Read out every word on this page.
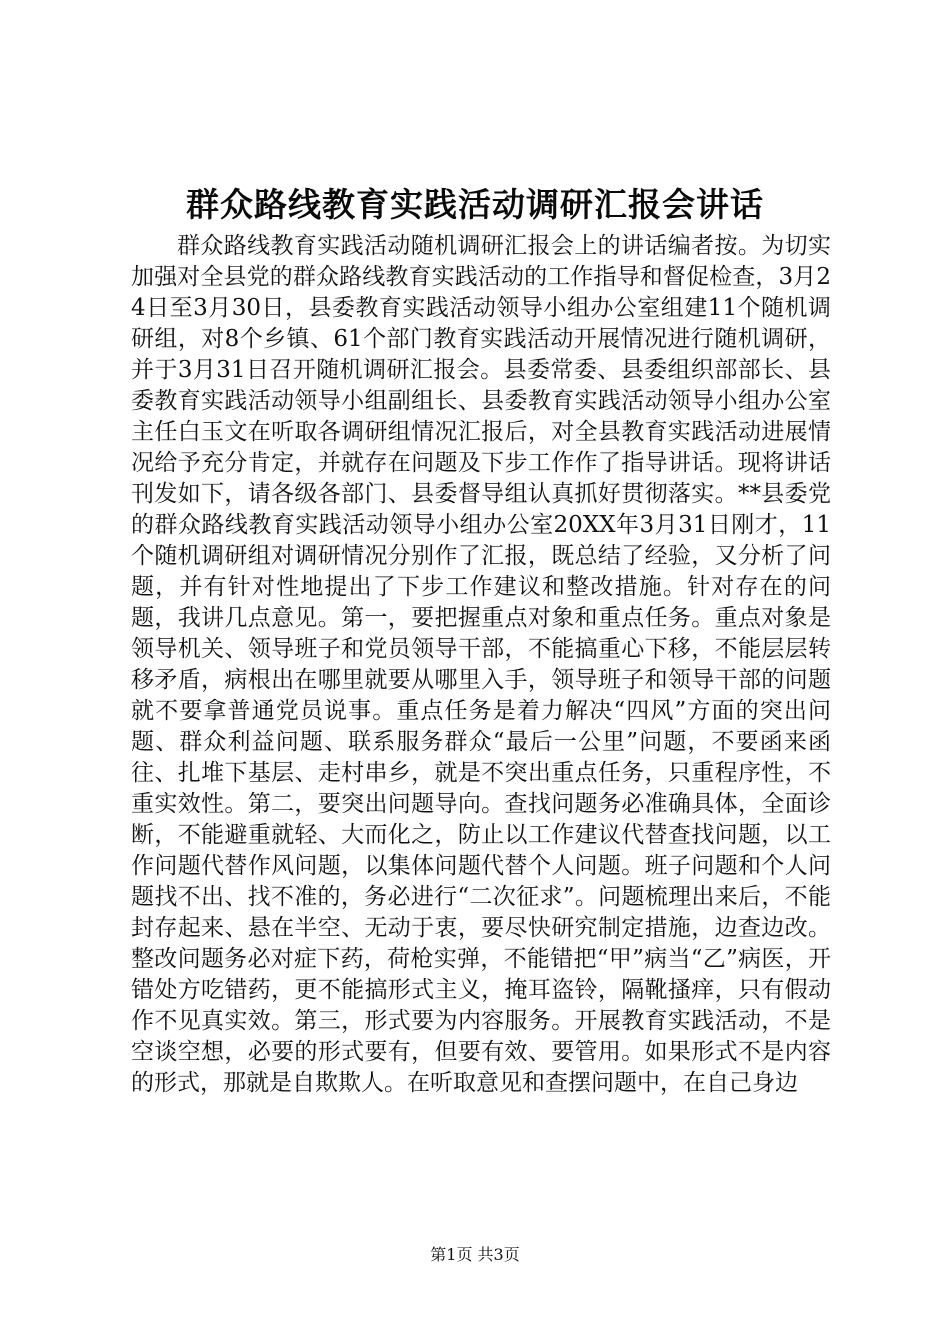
群众路线教育实践活动调研汇报会讲话

群众路线教育实践活动随机调研汇报会上的讲话编者按。为切实加强对全县党的群众路线教育实践活动的工作指导和督促检查，3月24日至3月30日，县委教育实践活动领导小组办公室组建11个随机调研组，对8个乡镇、61个部门教育实践活动开展情况进行随机调研，并于3月31日召开随机调研汇报会。县委常委、县委组织部部长、县委教育实践活动领导小组副组长、县委教育实践活动领导小组办公室主任白玉文在听取各调研组情况汇报后，对全县教育实践活动进展情况给予充分肯定，并就存在问题及下步工作作了指导讲话。现将讲话刊发如下，请各级各部门、县委督导组认真抓好贯彻落实。**县委党的群众路线教育实践活动领导小组办公室20XX年3月31日刚才，11个随机调研组对调研情况分别作了汇报，既总结了经验，又分析了问题，并有针对性地提出了下步工作建议和整改措施。针对存在的问题，我讲几点意见。第一，要把握重点对象和重点任务。重点对象是领导机关、领导班子和党员领导干部，不能搞重心下移，不能层层转移矛盾，病根出在哪里就要从哪里入手，领导班子和领导干部的问题就不要拿普通党员说事。重点任务是着力解决“四风”方面的突出问题、群众利益问题、联系服务群众“最后一公里”问题，不要函来函往、扎堆下基层、走村串乡，就是不突出重点任务，只重程序性，不重实效性。第二，要突出问题导向。查找问题务必准确具体，全面诊断，不能避重就轻、大而化之，防止以工作建议代替查找问题，以工作问题代替作风问题，以集体问题代替个人问题。班子问题和个人问题找不出、找不准的，务必进行“二次征求”。问题梳理出来后，不能封存起来、悬在半空、无动于衷，要尽快研究制定措施，边查边改。整改问题务必对症下药，荷枪实弹，不能错把“甲”病当“乙”病医，开错处方吃错药，更不能搞形式主义，掩耳盗铃，隔靴搔痒，只有假动作不见真实效。第三，形式要为内容服务。开展教育实践活动，不是空谈空想，必要的形式要有，但要有效、要管用。如果形式不是内容的形式，那就是自欺欺人。在听取意见和查摆问题中，在自己身边

第1页 共3页
